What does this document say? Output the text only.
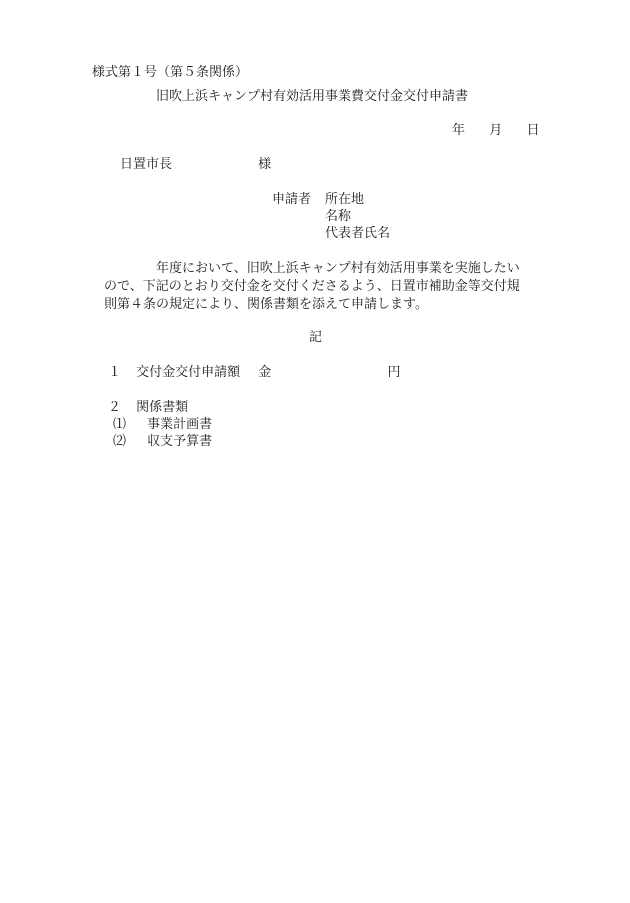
様式第１号（第５条関係）
旧吹上浜キャンプ村有効活用事業費交付金交付申請書
年 月 日
日置市長	様
申請者 所在地
名称
代表者氏名
年度において、旧吹上浜キャンプ村有効活用事業を実施したい
ので、下記のとおり交付金を交付くださるよう、日置市補助金等交付規
則第４条の規定により、関係書類を添えて申請します。
記
１ 交付金交付申請額 金	円
２ 関係書類
⑴ 事業計画書
⑵ 収支予算書
